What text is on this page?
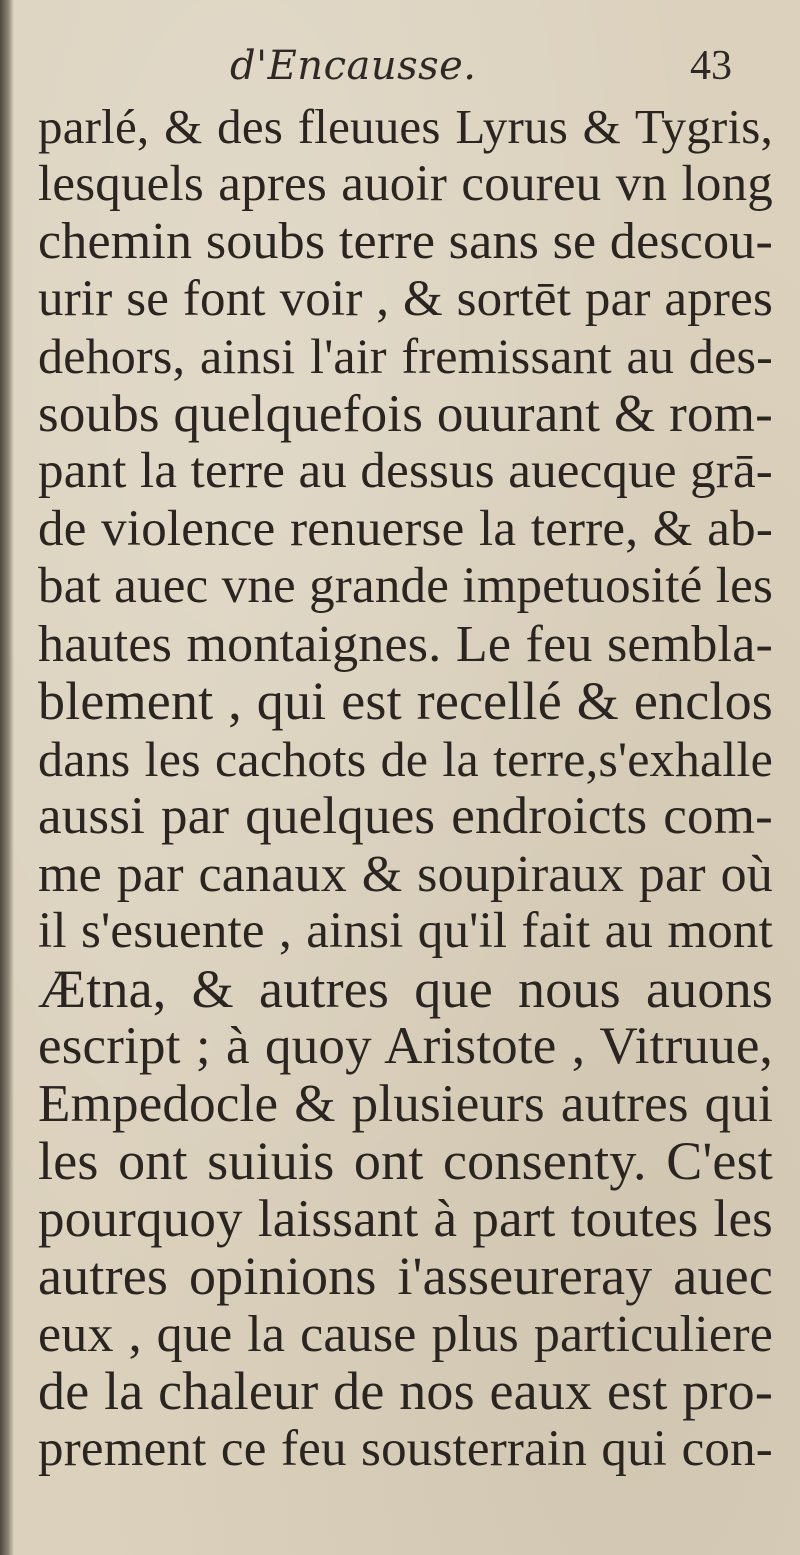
d'Encausse.	43
parlé, & des fleuues Lyrus & Tygris,
lesquels apres auoir coureu vn long
chemin soubs terre sans se descou-
urir se font voir , & sortēt par apres
dehors, ainsi l'air fremissant au des-
soubs quelquefois ouurant & rom-
pant la terre au dessus auecque grā-
de violence renuerse la terre, & ab-
bat auec vne grande impetuosité les
hautes montaignes. Le feu sembla-
blement , qui est recellé & enclos
dans les cachots de la terre,s'exhalle
aussi par quelques endroicts com-
me par canaux & soupiraux par où
il s'esuente , ainsi qu'il fait au mont
Ætna, & autres que nous auons
escript ; à quoy Aristote , Vitruue,
Empedocle & plusieurs autres qui
les ont suiuis ont consenty. C'est
pourquoy laissant à part toutes les
autres opinions i'asseureray auec
eux , que la cause plus particuliere
de la chaleur de nos eaux est pro-
prement ce feu sousterrain qui con-
